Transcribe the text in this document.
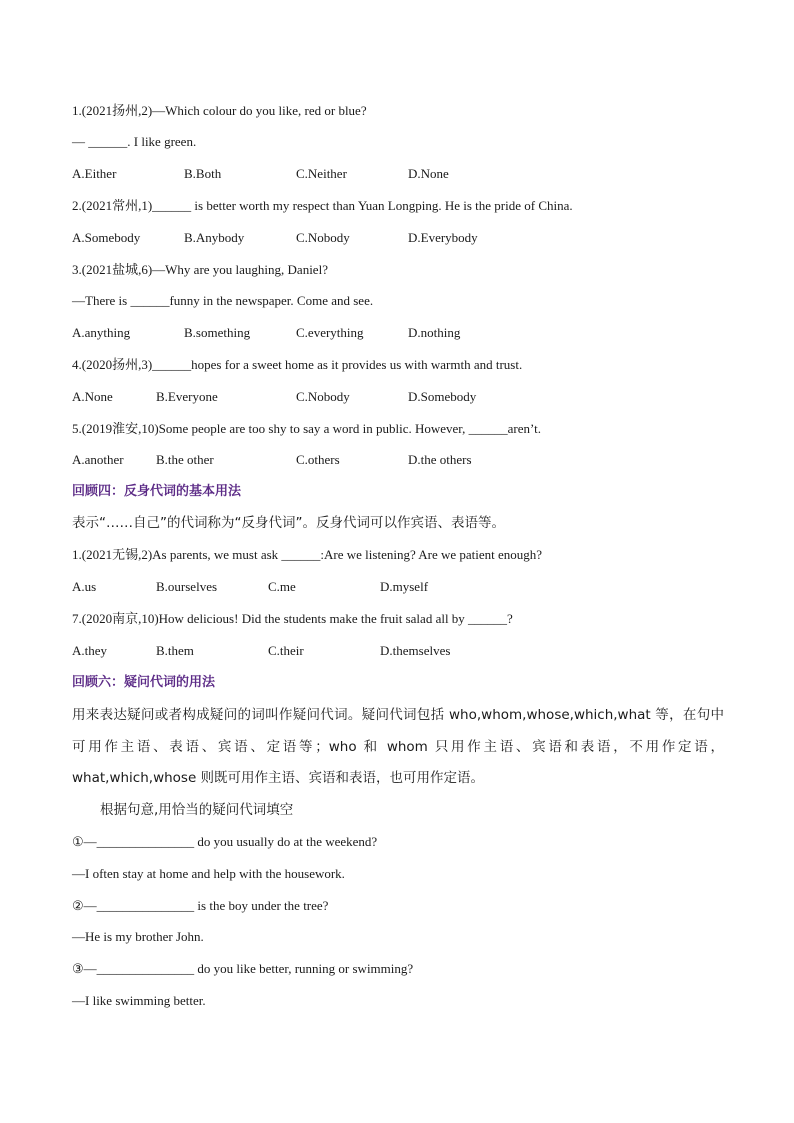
1.(2021扬州,2)—Which colour do you like, red or blue?
— ______. I like green.
A.Either	B.Both	C.Neither	D.None
2.(2021常州,1)______ is better worth my respect than Yuan Longping. He is the pride of China.
A.Somebody	B.Anybody	C.Nobody	D.Everybody
3.(2021盐城,6)—Why are you laughing, Daniel?
—There is ______funny in the newspaper. Come and see.
A.anything	B.something	C.everything	D.nothing
4.(2020扬州,3)______hopes for a sweet home as it provides us with warmth and trust.
A.None	B.Everyone	C.Nobody	D.Somebody
5.(2019淮安,10)Some people are too shy to say a word in public. However, ______aren’t.
A.another B.the other	C.others	D.the others
回顾四：反身代词的基本用法
表示“……自己”的代词称为“反身代词”。反身代词可以作宾语、表语等。
1.(2021无锡,2)As parents, we must ask ______:Are we listening? Are we patient enough?
A.us	B.ourselves	C.me	D.myself
7.(2020南京,10)How delicious! Did the students make the fruit salad all by ______?
A.they	B.them	C.their	D.themselves
回顾六：疑问代词的用法
用来表达疑问或者构成疑问的词叫作疑问代词。疑问代词包括 who,whom,whose,which,what 等，在句中可用作主语、表语、宾语、定语等；who 和 whom 只用作主语、宾语和表语，不用作定语，what,which,whose 则既可用作主语、宾语和表语，也可用作定语。
根据句意,用恰当的疑问代词填空
①—_______________ do you usually do at the weekend?
—I often stay at home and help with the housework.
②—_______________ is the boy under the tree?
—He is my brother John.
③—_______________ do you like better, running or swimming?
—I like swimming better.
